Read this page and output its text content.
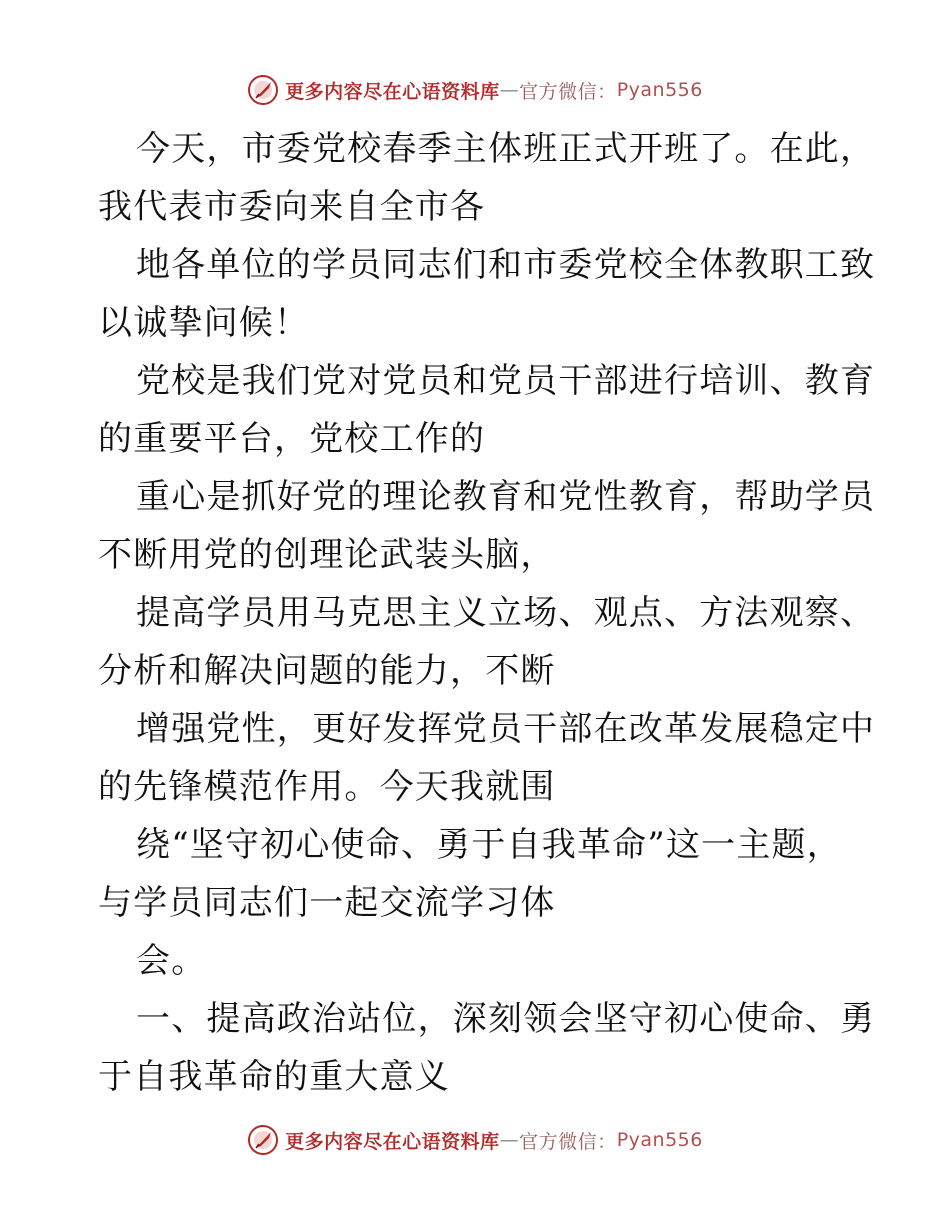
更多内容尽在心语资料库 — 官方微信： Pyan556
今天，市委党校春季主体班正式开班了。在此，
我代表市委向来自全市各
地各单位的学员同志们和市委党校全体教职工致
以诚挚问候！
党校是我们党对党员和党员干部进行培训、教育
的重要平台，党校工作的
重心是抓好党的理论教育和党性教育，帮助学员
不断用党的创理论武装头脑，
提高学员用马克思主义立场、观点、方法观察、
分析和解决问题的能力，不断
增强党性，更好发挥党员干部在改革发展稳定中
的先锋模范作用。今天我就围
绕“坚守初心使命、勇于自我革命”这一主题，
与学员同志们一起交流学习体
会。
一、提高政治站位，深刻领会坚守初心使命、勇
于自我革命的重大意义
更多内容尽在心语资料库 — 官方微信： Pyan556
